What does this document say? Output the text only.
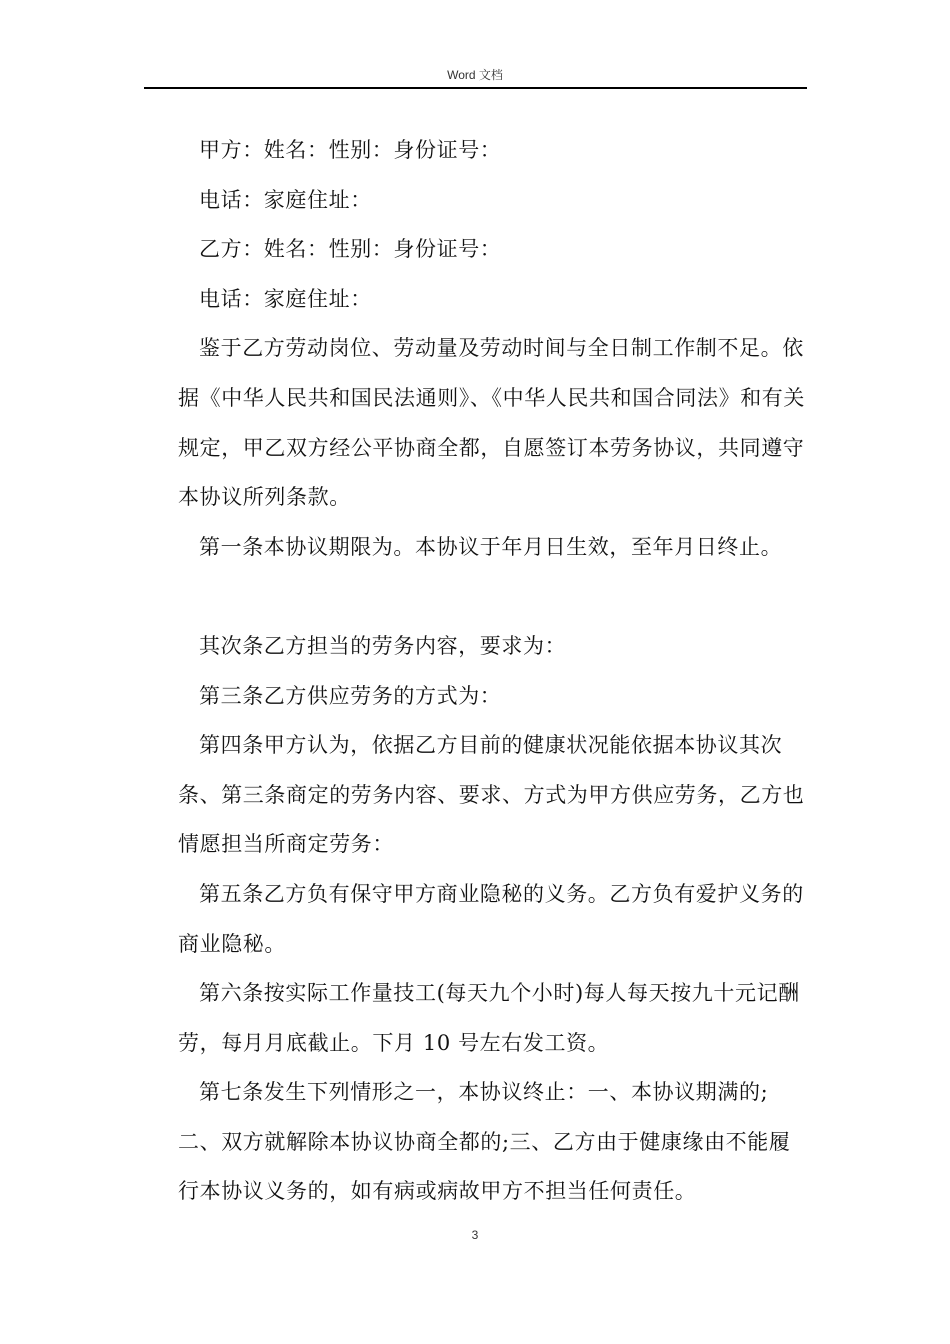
Word 文档

甲方：姓名：性别：身份证号：

电话：家庭住址：

乙方：姓名：性别：身份证号：

电话：家庭住址：

鉴于乙方劳动岗位、劳动量及劳动时间与全日制工作制不足。依据《中华人民共和国民法通则》、《中华人民共和国合同法》和有关规定，甲乙双方经公平协商全都，自愿签订本劳务协议，共同遵守本协议所列条款。

第一条本协议期限为。本协议于年月日生效，至年月日终止。

其次条乙方担当的劳务内容，要求为：

第三条乙方供应劳务的方式为：

第四条甲方认为，依据乙方目前的健康状况能依据本协议其次条、第三条商定的劳务内容、要求、方式为甲方供应劳务，乙方也情愿担当所商定劳务：

第五条乙方负有保守甲方商业隐秘的义务。乙方负有爱护义务的商业隐秘。

第六条按实际工作量技工(每天九个小时)每人每天按九十元记酬劳，每月月底截止。下月 10 号左右发工资。

第七条发生下列情形之一，本协议终止：一、本协议期满的;二、双方就解除本协议协商全都的;三、乙方由于健康缘由不能履行本协议义务的，如有病或病故甲方不担当任何责任。

3
